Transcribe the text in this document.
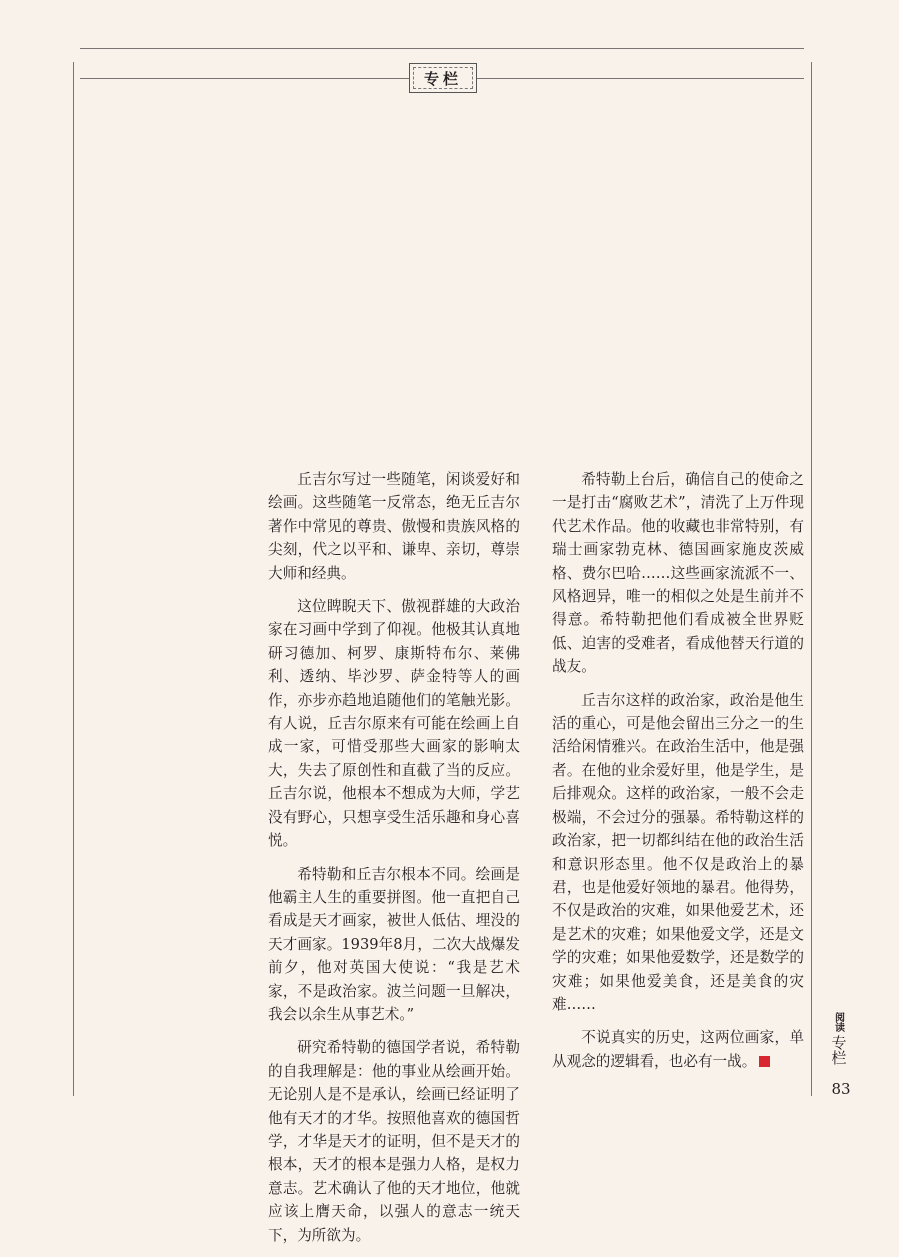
专栏

丘吉尔写过一些随笔，闲谈爱好和绘画。这些随笔一反常态，绝无丘吉尔著作中常见的尊贵、傲慢和贵族风格的尖刻，代之以平和、谦卑、亲切，尊崇大师和经典。

这位睥睨天下、傲视群雄的大政治家在习画中学到了仰视。他极其认真地研习德加、柯罗、康斯特布尔、莱佛利、透纳、毕沙罗、萨金特等人的画作，亦步亦趋地追随他们的笔触光影。有人说，丘吉尔原来有可能在绘画上自成一家，可惜受那些大画家的影响太大，失去了原创性和直截了当的反应。丘吉尔说，他根本不想成为大师，学艺没有野心，只想享受生活乐趣和身心喜悦。

希特勒和丘吉尔根本不同。绘画是他霸主人生的重要拼图。他一直把自己看成是天才画家，被世人低估、埋没的天才画家。1939年8月，二次大战爆发前夕，他对英国大使说：“我是艺术家，不是政治家。波兰问题一旦解决，我会以余生从事艺术。”

研究希特勒的德国学者说，希特勒的自我理解是：他的事业从绘画开始。无论别人是不是承认，绘画已经证明了他有天才的才华。按照他喜欢的德国哲学，才华是天才的证明，但不是天才的根本，天才的根本是强力人格，是权力意志。艺术确认了他的天才地位，他就应该上膺天命，以强人的意志一统天下，为所欲为。

希特勒上台后，确信自己的使命之一是打击“腐败艺术”，清洗了上万件现代艺术作品。他的收藏也非常特别，有瑞士画家勃克林、德国画家施皮茨威格、费尔巴哈……这些画家流派不一、风格迥异，唯一的相似之处是生前并不得意。希特勒把他们看成被全世界贬低、迫害的受难者，看成他替天行道的战友。

丘吉尔这样的政治家，政治是他生活的重心，可是他会留出三分之一的生活给闲情雅兴。在政治生活中，他是强者。在他的业余爱好里，他是学生，是后排观众。这样的政治家，一般不会走极端，不会过分的强暴。希特勒这样的政治家，把一切都纠结在他的政治生活和意识形态里。他不仅是政治上的暴君，也是他爱好领地的暴君。他得势，不仅是政治的灾难，如果他爱艺术，还是艺术的灾难；如果他爱文学，还是文学的灾难；如果他爱数学，还是数学的灾难；如果他爱美食，还是美食的灾难……

不说真实的历史，这两位画家，单从观念的逻辑看，也必有一战。

阅读
专栏
83
